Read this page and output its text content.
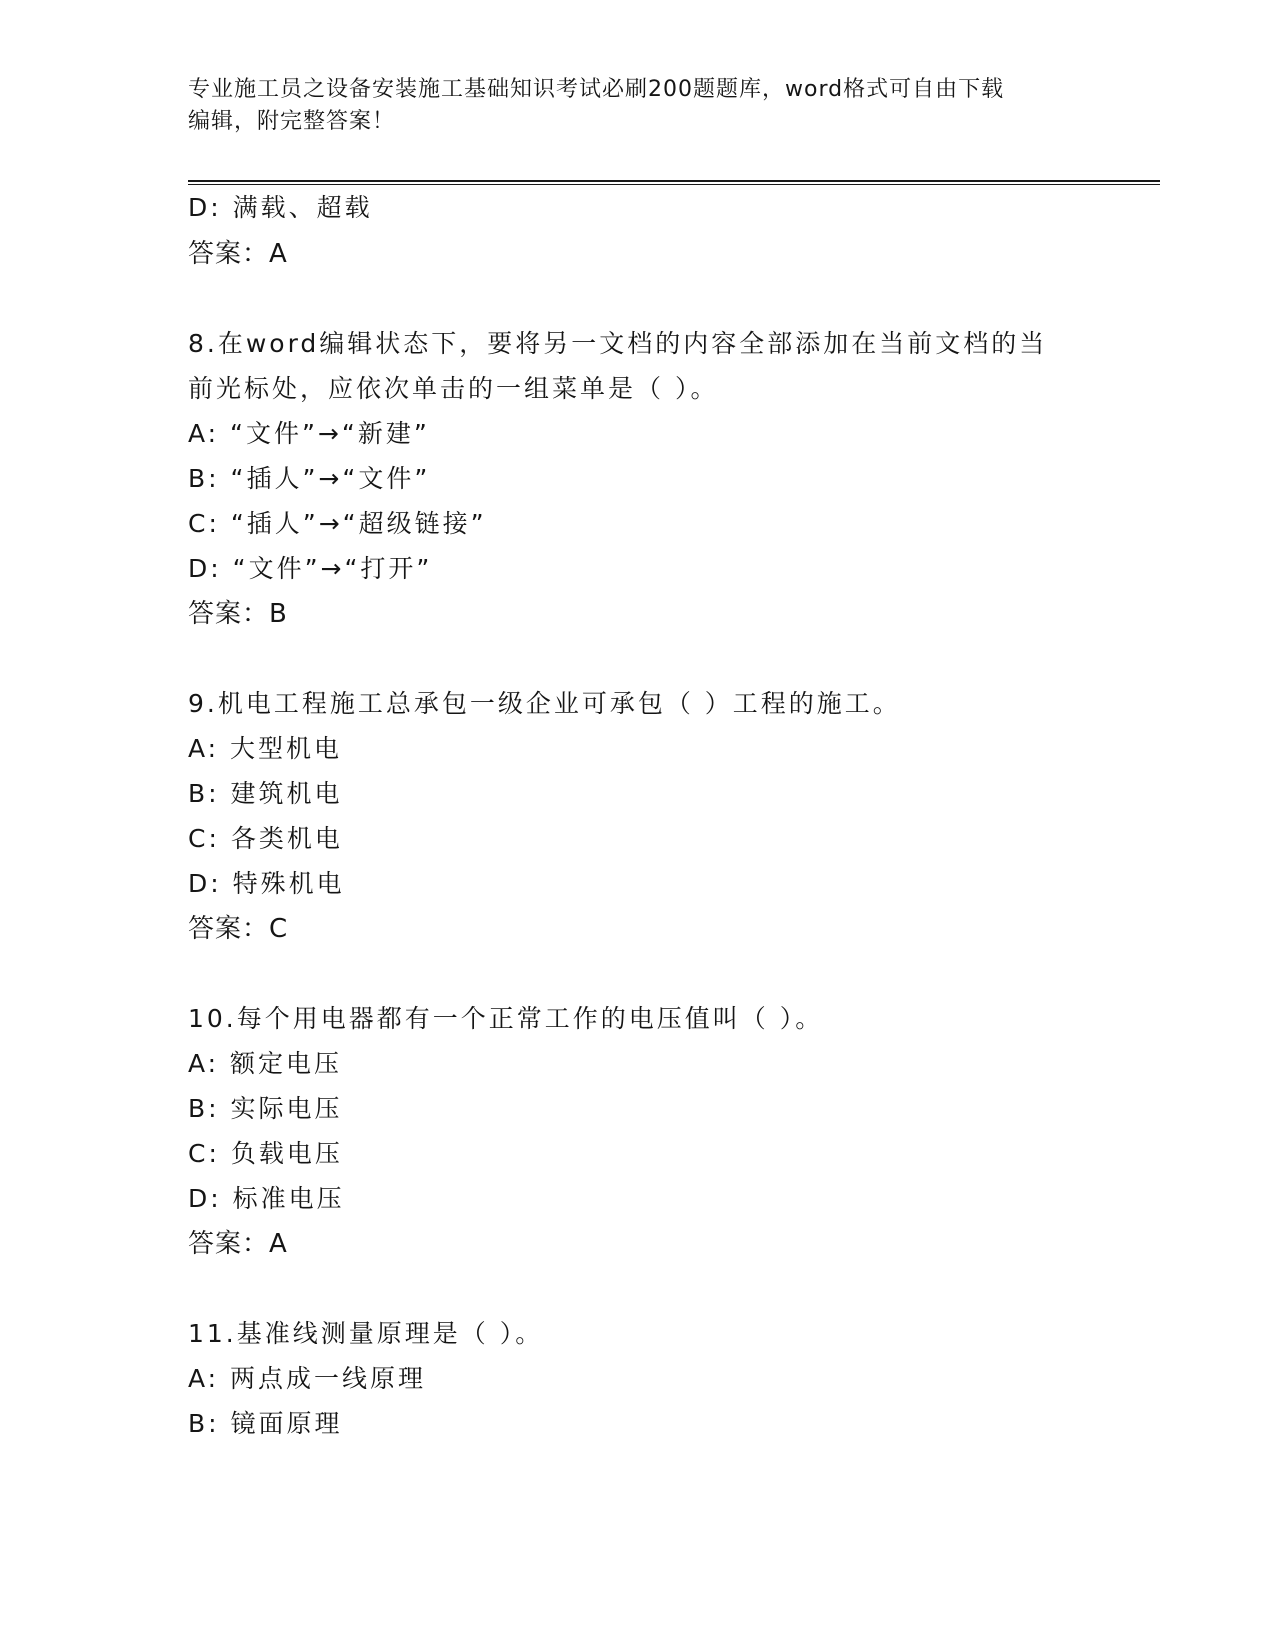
专业施工员之设备安装施工基础知识考试必刷200题题库，word格式可自由下载
编辑，附完整答案！
D: 满载、超载
答案：A
8.在word编辑状态下，要将另一文档的内容全部添加在当前文档的当
前光标处，应依次单击的一组菜单是（ ）。
A: “文件”→“新建”
B: “插人”→“文件”
C: “插人”→“超级链接”
D: “文件”→“打开”
答案：B
9.机电工程施工总承包一级企业可承包（ ）工程的施工。
A: 大型机电
B: 建筑机电
C: 各类机电
D: 特殊机电
答案：C
10.每个用电器都有一个正常工作的电压值叫（ ）。
A: 额定电压
B: 实际电压
C: 负载电压
D: 标准电压
答案：A
11.基准线测量原理是（ ）。
A: 两点成一线原理
B: 镜面原理
